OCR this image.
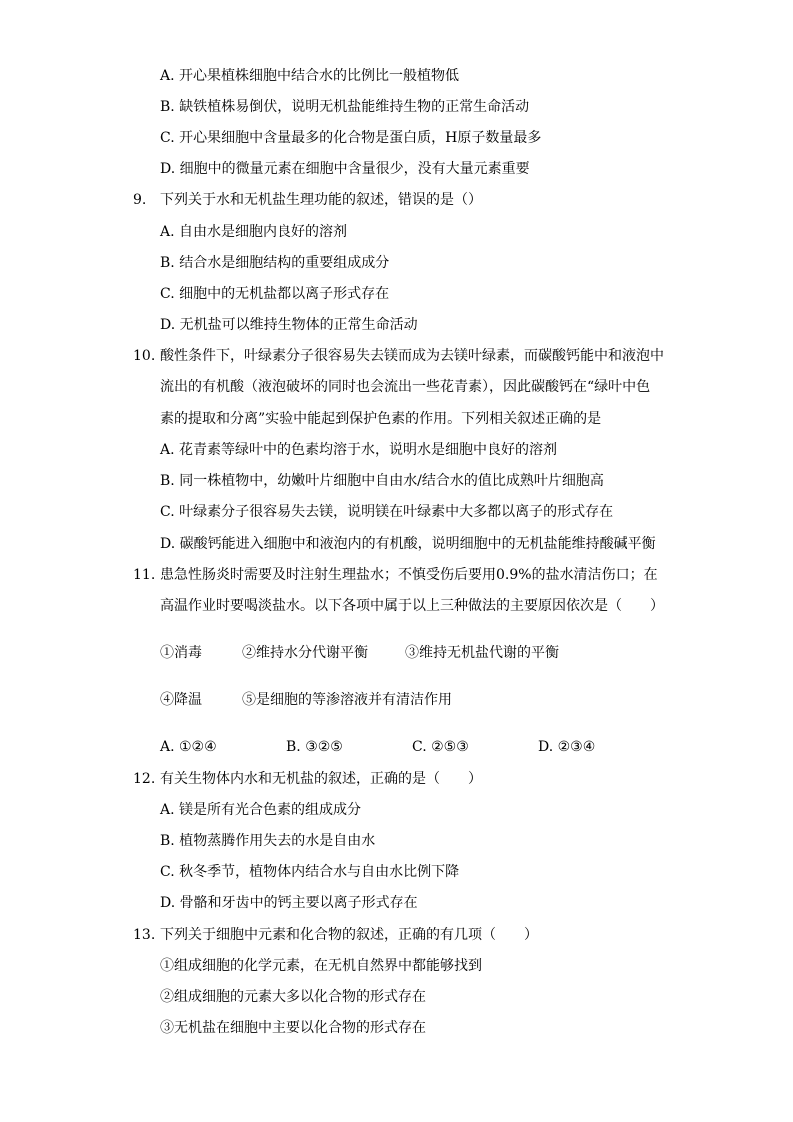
A. 开心果植株细胞中结合水的比例比一般植物低
B. 缺铁植株易倒伏，说明无机盐能维持生物的正常生命活动
C. 开心果细胞中含量最多的化合物是蛋白质，H原子数量最多
D. 细胞中的微量元素在细胞中含量很少，没有大量元素重要
9. 下列关于水和无机盐生理功能的叙述，错误的是（）
A. 自由水是细胞内良好的溶剂
B. 结合水是细胞结构的重要组成成分
C. 细胞中的无机盐都以离子形式存在
D. 无机盐可以维持生物体的正常生命活动
10. 酸性条件下，叶绿素分子很容易失去镁而成为去镁叶绿素，而碳酸钙能中和液泡中
流出的有机酸（液泡破坏的同时也会流出一些花青素），因此碳酸钙在“绿叶中色
素的提取和分离”实验中能起到保护色素的作用。下列相关叙述正确的是
A. 花青素等绿叶中的色素均溶于水，说明水是细胞中良好的溶剂
B. 同一株植物中，幼嫩叶片细胞中自由水/结合水的值比成熟叶片细胞高
C. 叶绿素分子很容易失去镁，说明镁在叶绿素中大多都以离子的形式存在
D. 碳酸钙能进入细胞中和液泡内的有机酸，说明细胞中的无机盐能维持酸碱平衡
11. 患急性肠炎时需要及时注射生理盐水；不慎受伤后要用0.9%的盐水清洁伤口；在
高温作业时要喝淡盐水。以下各项中属于以上三种做法的主要原因依次是（　　）
①消毒	②维持水分代谢平衡	③维持无机盐代谢的平衡
④降温	⑤是细胞的等渗溶液并有清洁作用
A. ①②④	B. ③②⑤	C. ②⑤③	D. ②③④
12. 有关生物体内水和无机盐的叙述，正确的是（　　）
A. 镁是所有光合色素的组成成分
B. 植物蒸腾作用失去的水是自由水
C. 秋冬季节，植物体内结合水与自由水比例下降
D. 骨骼和牙齿中的钙主要以离子形式存在
13. 下列关于细胞中元素和化合物的叙述，正确的有几项（　　）
①组成细胞的化学元素，在无机自然界中都能够找到
②组成细胞的元素大多以化合物的形式存在
③无机盐在细胞中主要以化合物的形式存在
